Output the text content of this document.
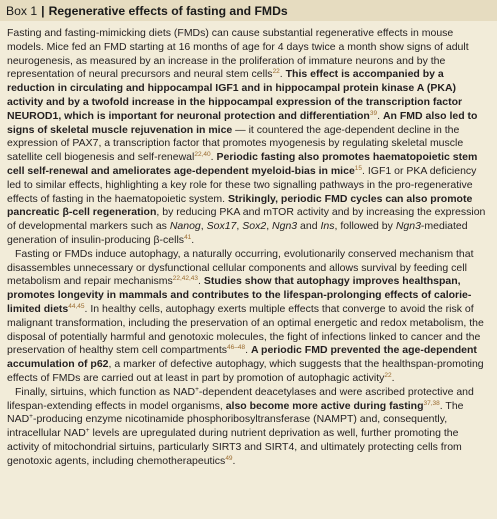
Box 1 | Regenerative effects of fasting and FMDs

Fasting and fasting-mimicking diets (FMDs) can cause substantial regenerative effects in mouse models. Mice fed an FMD starting at 16 months of age for 4 days twice a month show signs of adult neurogenesis, as measured by an increase in the proliferation of immature neurons and by the representation of neural precursors and neural stem cells$^{22}$. This effect is accompanied by a reduction in circulating and hippocampal IGF1 and in hippocampal protein kinase A (PKA) activity and by a twofold increase in the hippocampal expression of the transcription factor NEUROD1, which is important for neuronal protection and differentiation$^{39}$. An FMD also led to signs of skeletal muscle rejuvenation in mice — it countered the age-dependent decline in the expression of PAX7, a transcription factor that promotes myogenesis by regulating skeletal muscle satellite cell biogenesis and self-renewal$^{22,40}$. Periodic fasting also promotes haematopoietic stem cell self-renewal and ameliorates age-dependent myeloid-bias in mice$^{15}$. IGF1 or PKA deficiency led to similar effects, highlighting a key role for these two signalling pathways in the pro-regenerative effects of fasting in the haematopoietic system. Strikingly, periodic FMD cycles can also promote pancreatic β-cell regeneration, by reducing PKA and mTOR activity and by increasing the expression of developmental markers such as Nanog, Sox17, Sox2, Ngn3 and Ins, followed by Ngn3-mediated generation of insulin-producing β-cells$^{41}$.

Fasting or FMDs induce autophagy, a naturally occurring, evolutionarily conserved mechanism that disassembles unnecessary or dysfunctional cellular components and allows survival by feeding cell metabolism and repair mechanisms$^{22,42,43}$. Studies show that autophagy improves healthspan, promotes longevity in mammals and contributes to the lifespan-prolonging effects of calorie-limited diets$^{44,45}$. In healthy cells, autophagy exerts multiple effects that converge to avoid the risk of malignant transformation, including the preservation of an optimal energetic and redox metabolism, the disposal of potentially harmful and genotoxic molecules, the fight of infections linked to cancer and the preservation of healthy stem cell compartments$^{46-48}$. A periodic FMD prevented the age-dependent accumulation of p62, a marker of defective autophagy, which suggests that the healthspan-promoting effects of FMDs are carried out at least in part by promotion of autophagic activity$^{22}$.

Finally, sirtuins, which function as NAD+-dependent deacetylases and were ascribed protective and lifespan-extending effects in model organisms, also become more active during fasting$^{37,38}$. The NAD+-producing enzyme nicotinamide phosphoribosyltransferase (NAMPT) and, consequently, intracellular NAD+ levels are upregulated during nutrient deprivation as well, further promoting the activity of mitochondrial sirtuins, particularly SIRT3 and SIRT4, and ultimately protecting cells from genotoxic agents, including chemotherapeutics$^{49}$.
